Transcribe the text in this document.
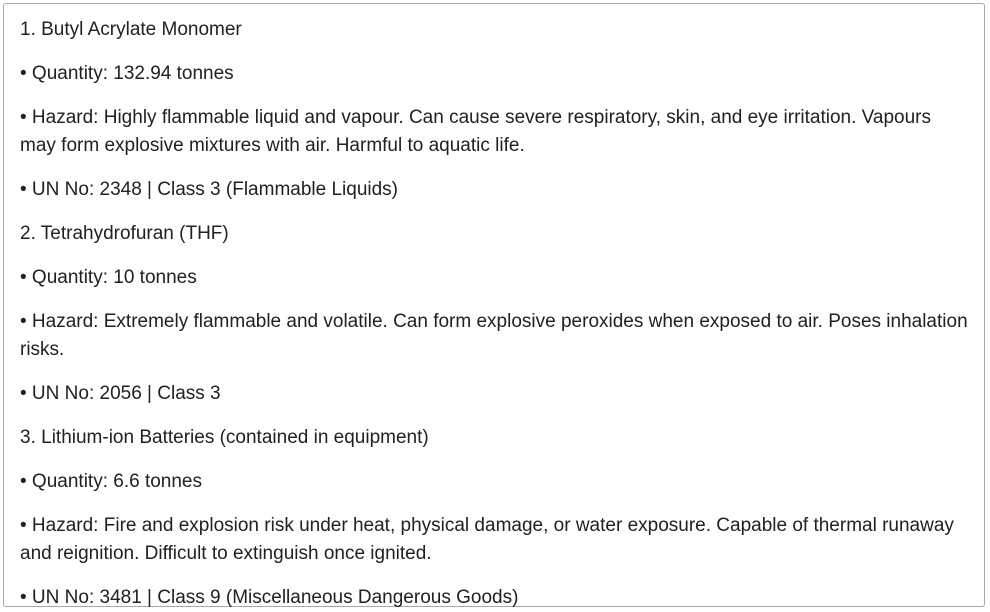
1. Butyl Acrylate Monomer

• Quantity: 132.94 tonnes

• Hazard: Highly flammable liquid and vapour. Can cause severe respiratory, skin, and eye irritation. Vapours may form explosive mixtures with air. Harmful to aquatic life.

• UN No: 2348 | Class 3 (Flammable Liquids)

2. Tetrahydrofuran (THF)

• Quantity: 10 tonnes

• Hazard: Extremely flammable and volatile. Can form explosive peroxides when exposed to air. Poses inhalation risks.

• UN No: 2056 | Class 3

3. Lithium-ion Batteries (contained in equipment)

• Quantity: 6.6 tonnes

• Hazard: Fire and explosion risk under heat, physical damage, or water exposure. Capable of thermal runaway and reignition. Difficult to extinguish once ignited.

• UN No: 3481 | Class 9 (Miscellaneous Dangerous Goods)
